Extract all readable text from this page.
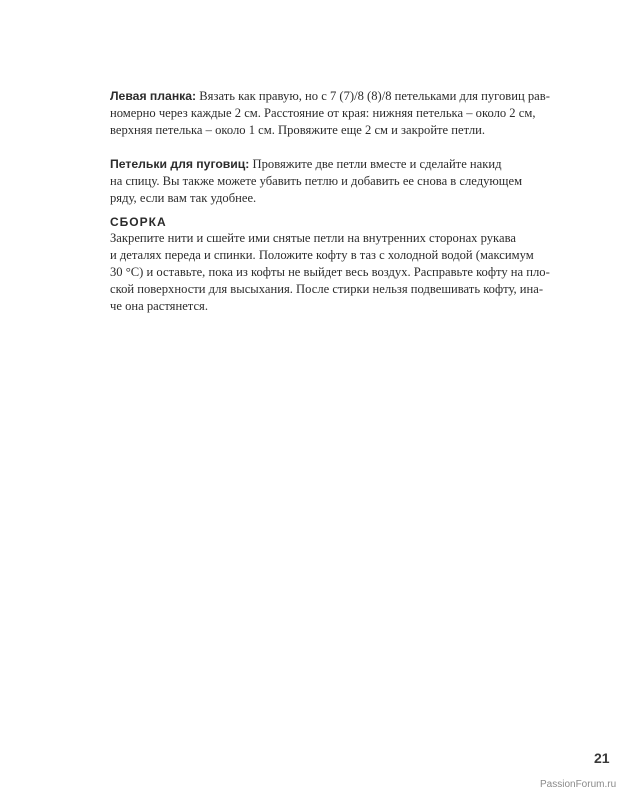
Левая планка: Вязать как правую, но с 7 (7)/8 (8)/8 петельками для пуговиц рав-
номерно через каждые 2 см. Расстояние от края: нижняя петелька – около 2 см,
верхняя петелька – около 1 см. Провяжите еще 2 см и закройте петли.

Петельки для пуговиц: Провяжите две петли вместе и сделайте накид
на спицу. Вы также можете убавить петлю и добавить ее снова в следующем
ряду, если вам так удобнее.

СБОРКА

Закрепите нити и сшейте ими снятые петли на внутренних сторонах рукава
и деталях переда и спинки. Положите кофту в таз с холодной водой (максимум
30 °С) и оставьте, пока из кофты не выйдет весь воздух. Расправьте кофту на пло-
ской поверхности для высыхания. После стирки нельзя подвешивать кофту, ина-
че она растянется.

21
PassionForum.ru
